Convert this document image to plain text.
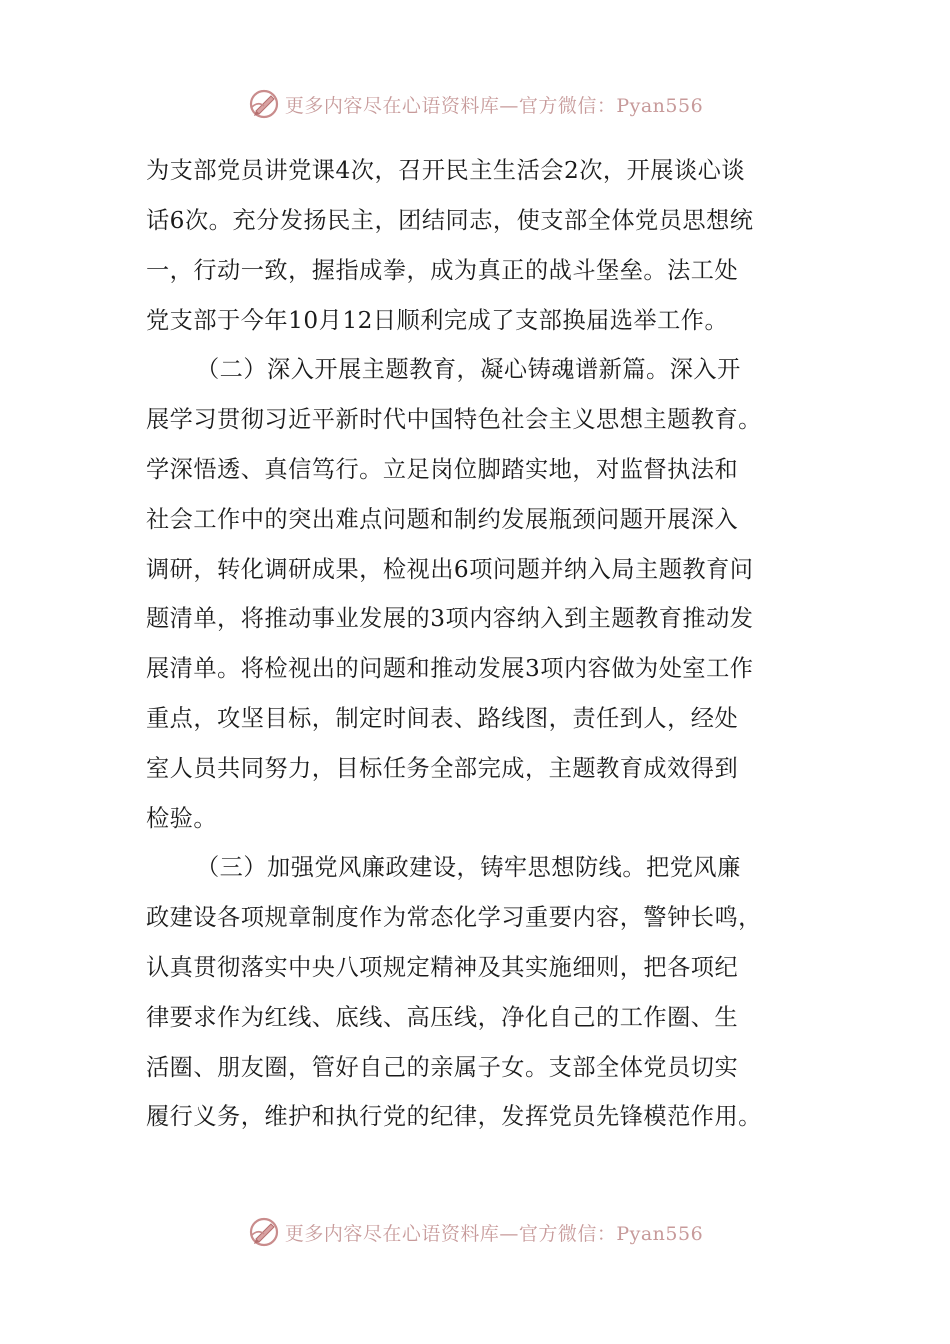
更多内容尽在心语资料库—官方微信：Pyan556
为支部党员讲党课4次，召开民主生活会2次，开展谈心谈
话6次。充分发扬民主，团结同志，使支部全体党员思想统
一，行动一致，握指成拳，成为真正的战斗堡垒。法工处
党支部于今年10月12日顺利完成了支部换届选举工作。
（二）深入开展主题教育，凝心铸魂谱新篇。深入开
展学习贯彻习近平新时代中国特色社会主义思想主题教育。
学深悟透、真信笃行。立足岗位脚踏实地，对监督执法和
社会工作中的突出难点问题和制约发展瓶颈问题开展深入
调研，转化调研成果，检视出6项问题并纳入局主题教育问
题清单，将推动事业发展的3项内容纳入到主题教育推动发
展清单。将检视出的问题和推动发展3项内容做为处室工作
重点，攻坚目标，制定时间表、路线图，责任到人，经处
室人员共同努力，目标任务全部完成，主题教育成效得到
检验。
（三）加强党风廉政建设，铸牢思想防线。把党风廉
政建设各项规章制度作为常态化学习重要内容，警钟长鸣，
认真贯彻落实中央八项规定精神及其实施细则，把各项纪
律要求作为红线、底线、高压线，净化自己的工作圈、生
活圈、朋友圈，管好自己的亲属子女。支部全体党员切实
履行义务，维护和执行党的纪律，发挥党员先锋模范作用。
更多内容尽在心语资料库—官方微信：Pyan556
